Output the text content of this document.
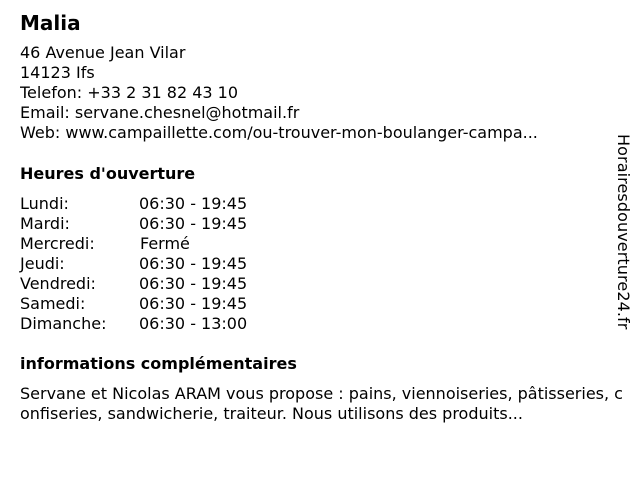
Malia
46 Avenue Jean Vilar
14123 Ifs
Telefon: +33 2 31 82 43 10
Email: servane.chesnel@hotmail.fr
Web: www.campaillette.com/ou-trouver-mon-boulanger-campa...
Heures d'ouverture
Lundi:	06:30 - 19:45
Mardi:	06:30 - 19:45
Mercredi:	Fermé
Jeudi:	06:30 - 19:45
Vendredi:	06:30 - 19:45
Samedi:	06:30 - 19:45
Dimanche:	06:30 - 13:00
informations complémentaires
Servane et Nicolas ARAM vous propose : pains, viennoiseries, pâtisseries, confiseries, sandwicherie, traiteur. Nous utilisons des produits...
Horairesdouverture24.fr
